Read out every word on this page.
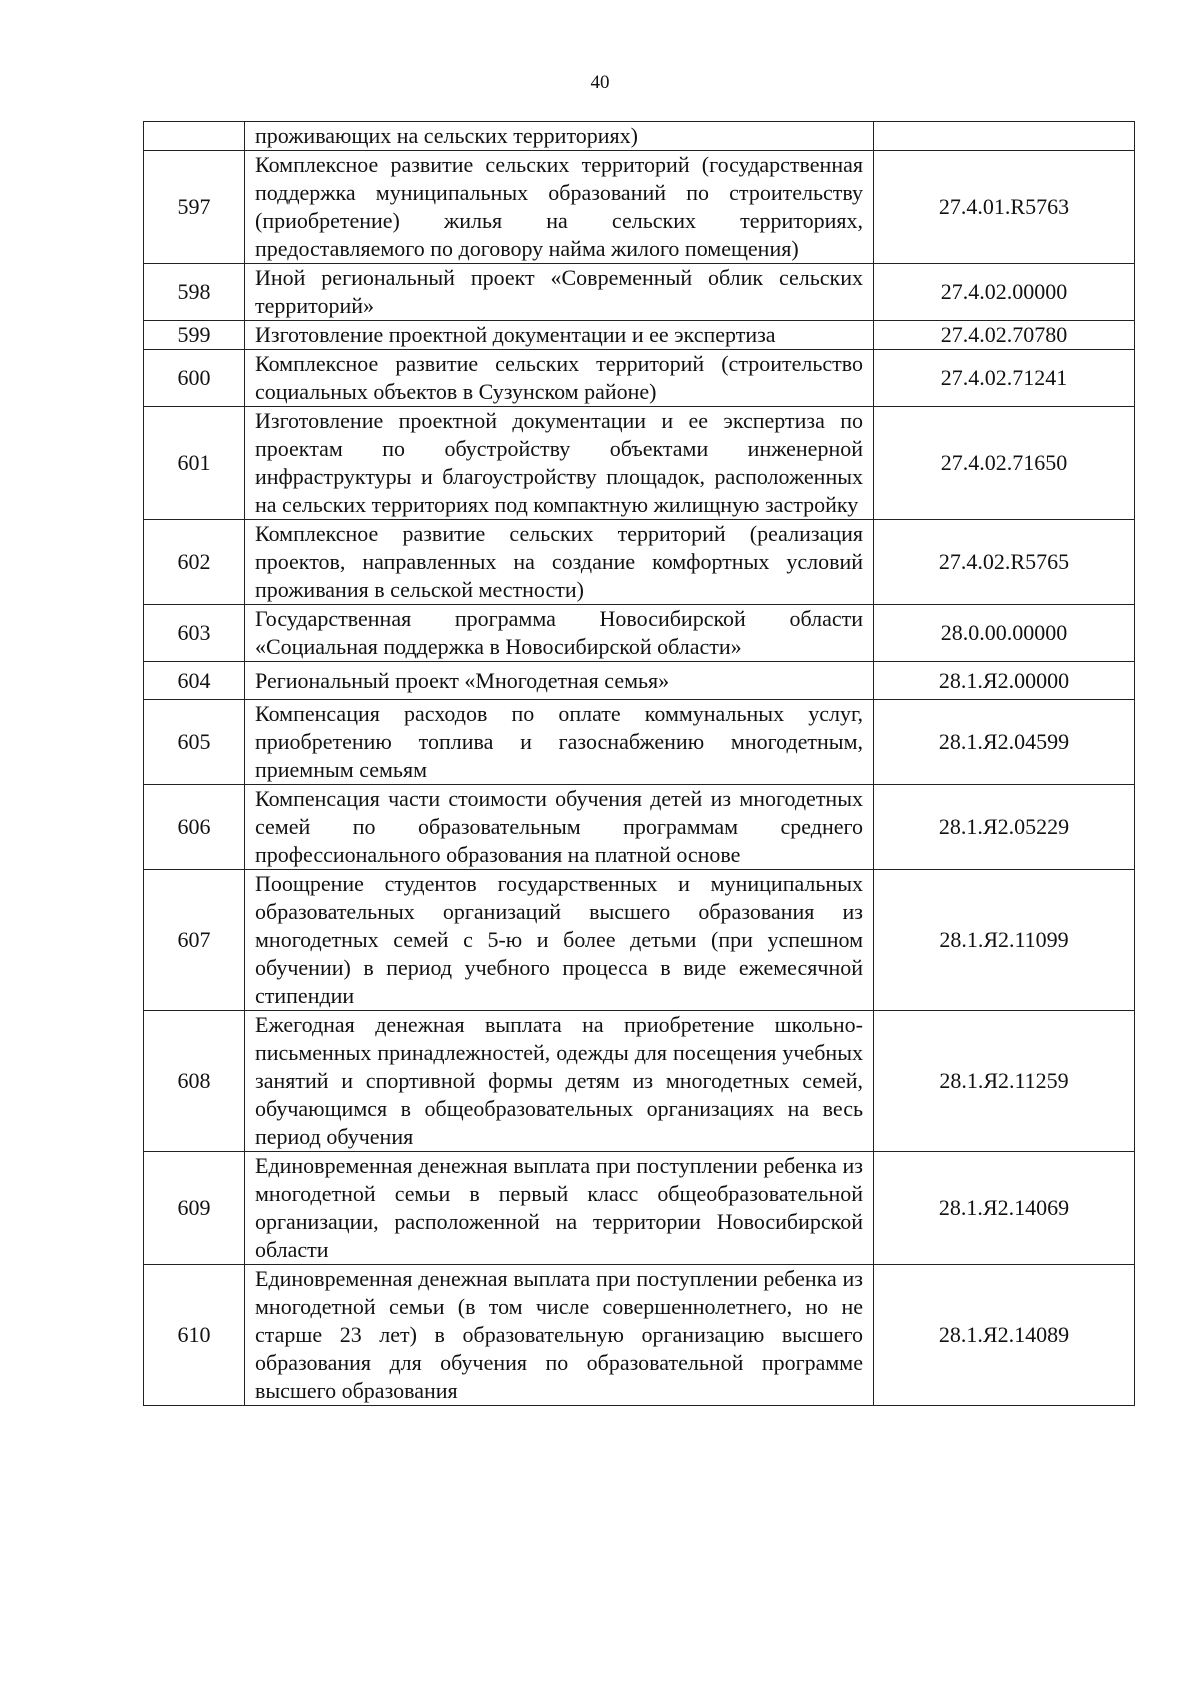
40
	проживающих на сельских территориях)	
597	Комплексное развитие сельских территорий (государственная поддержка муниципальных образований по строительству (приобретение) жилья на сельских территориях, предоставляемого по договору найма жилого помещения)	27.4.01.R5763
598	Иной региональный проект «Современный облик сельских территорий»	27.4.02.00000
599	Изготовление проектной документации и ее экспертиза	27.4.02.70780
600	Комплексное развитие сельских территорий (строительство социальных объектов в Сузунском районе)	27.4.02.71241
601	Изготовление проектной документации и ее экспертиза по проектам по обустройству объектами инженерной инфраструктуры и благоустройству площадок, расположенных на сельских территориях под компактную жилищную застройку	27.4.02.71650
602	Комплексное развитие сельских территорий (реализация проектов, направленных на создание комфортных условий проживания в сельской местности)	27.4.02.R5765
603	Государственная программа Новосибирской области «Социальная поддержка в Новосибирской области»	28.0.00.00000
604	Региональный проект «Многодетная семья»	28.1.Я2.00000
605	Компенсация расходов по оплате коммунальных услуг, приобретению топлива и газоснабжению многодетным, приемным семьям	28.1.Я2.04599
606	Компенсация части стоимости обучения детей из многодетных семей по образовательным программам среднего профессионального образования на платной основе	28.1.Я2.05229
607	Поощрение студентов государственных и муниципальных образовательных организаций высшего образования из многодетных семей с 5-ю и более детьми (при успешном обучении) в период учебного процесса в виде ежемесячной стипендии	28.1.Я2.11099
608	Ежегодная денежная выплата на приобретение школьно-письменных принадлежностей, одежды для посещения учебных занятий и спортивной формы детям из многодетных семей, обучающимся в общеобразовательных организациях на весь период обучения	28.1.Я2.11259
609	Единовременная денежная выплата при поступлении ребенка из многодетной семьи в первый класс общеобразовательной организации, расположенной на территории Новосибирской области	28.1.Я2.14069
610	Единовременная денежная выплата при поступлении ребенка из многодетной семьи (в том числе совершеннолетнего, но не старше 23 лет) в образовательную организацию высшего образования для обучения по образовательной программе высшего образования	28.1.Я2.14089
